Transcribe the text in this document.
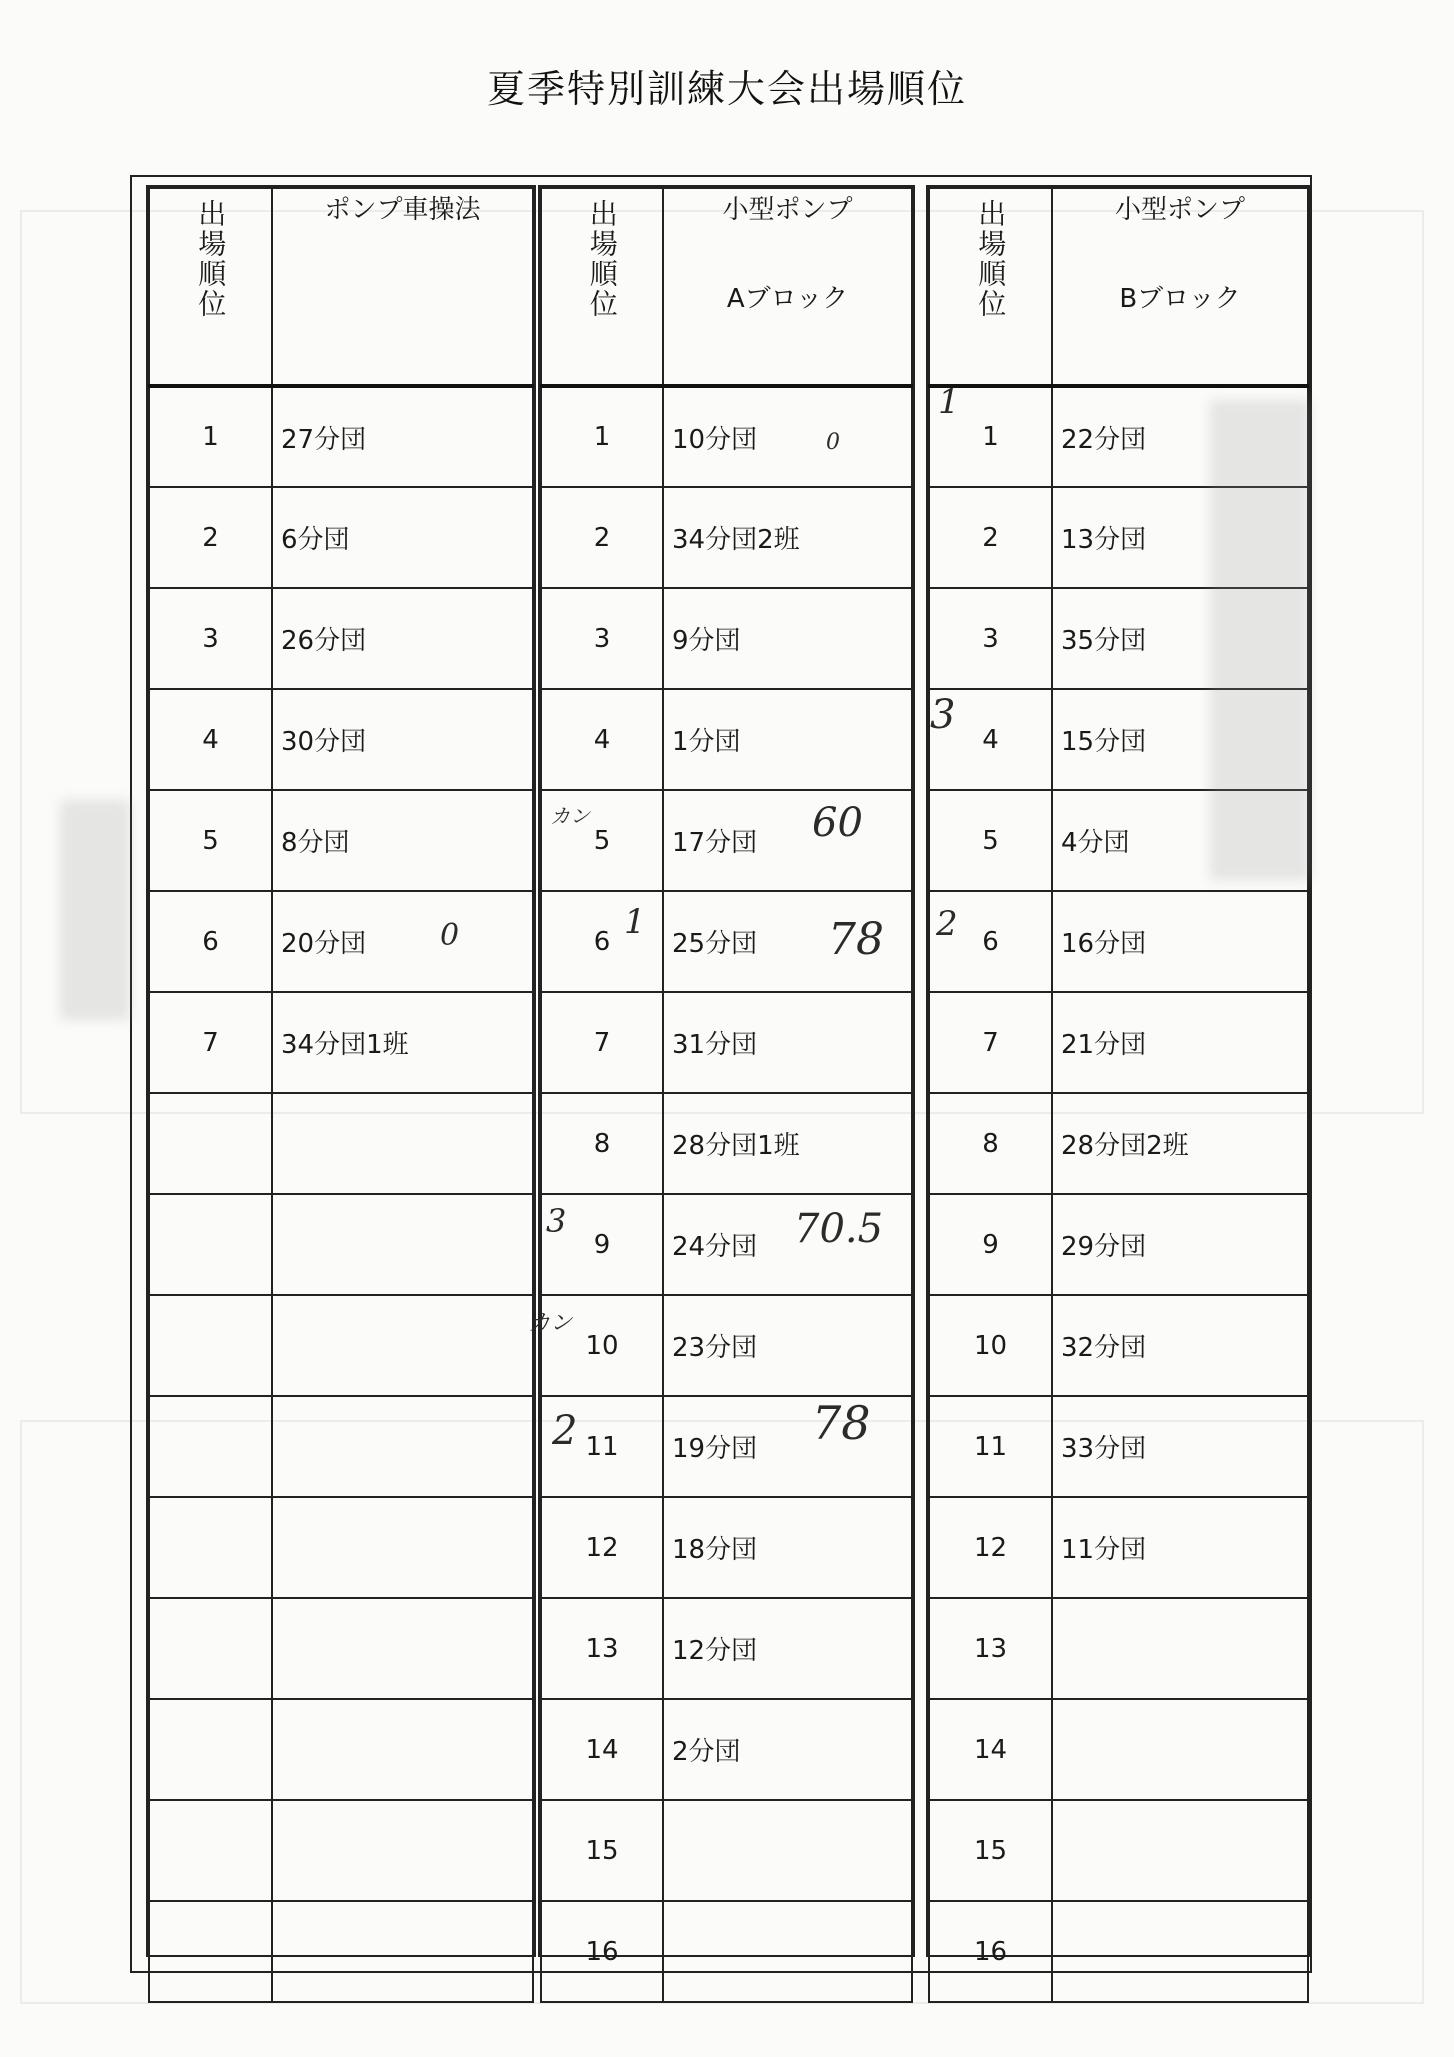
夏季特別訓練大会出場順位
出場順位	ポンプ車操法

1	27分団
2	6分団
3	26分団
4	30分団
5	8分団
6	20分団
7	34分団1班

出場順位	小型ポンプ
Aブロック

1	10分団
2	34分団2班
3	9分団
4	1分団
5	17分団
6	25分団
7	31分団
8	28分団1班
9	24分団
10	23分団
11	19分団
12	18分団
13	12分団
14	2分団
15	
16	
出場順位	小型ポンプ
Bブロック

1	22分団
2	13分団
3	35分団
4	15分団
5	4分団
6	16分団
7	21分団
8	28分団2班
9	29分団
10	32分団
11	33分団
12	11分団
13	
14	
15	
16	
0
カン	60
1	78
3	70.5
カン
2	78
0
1
3
2
